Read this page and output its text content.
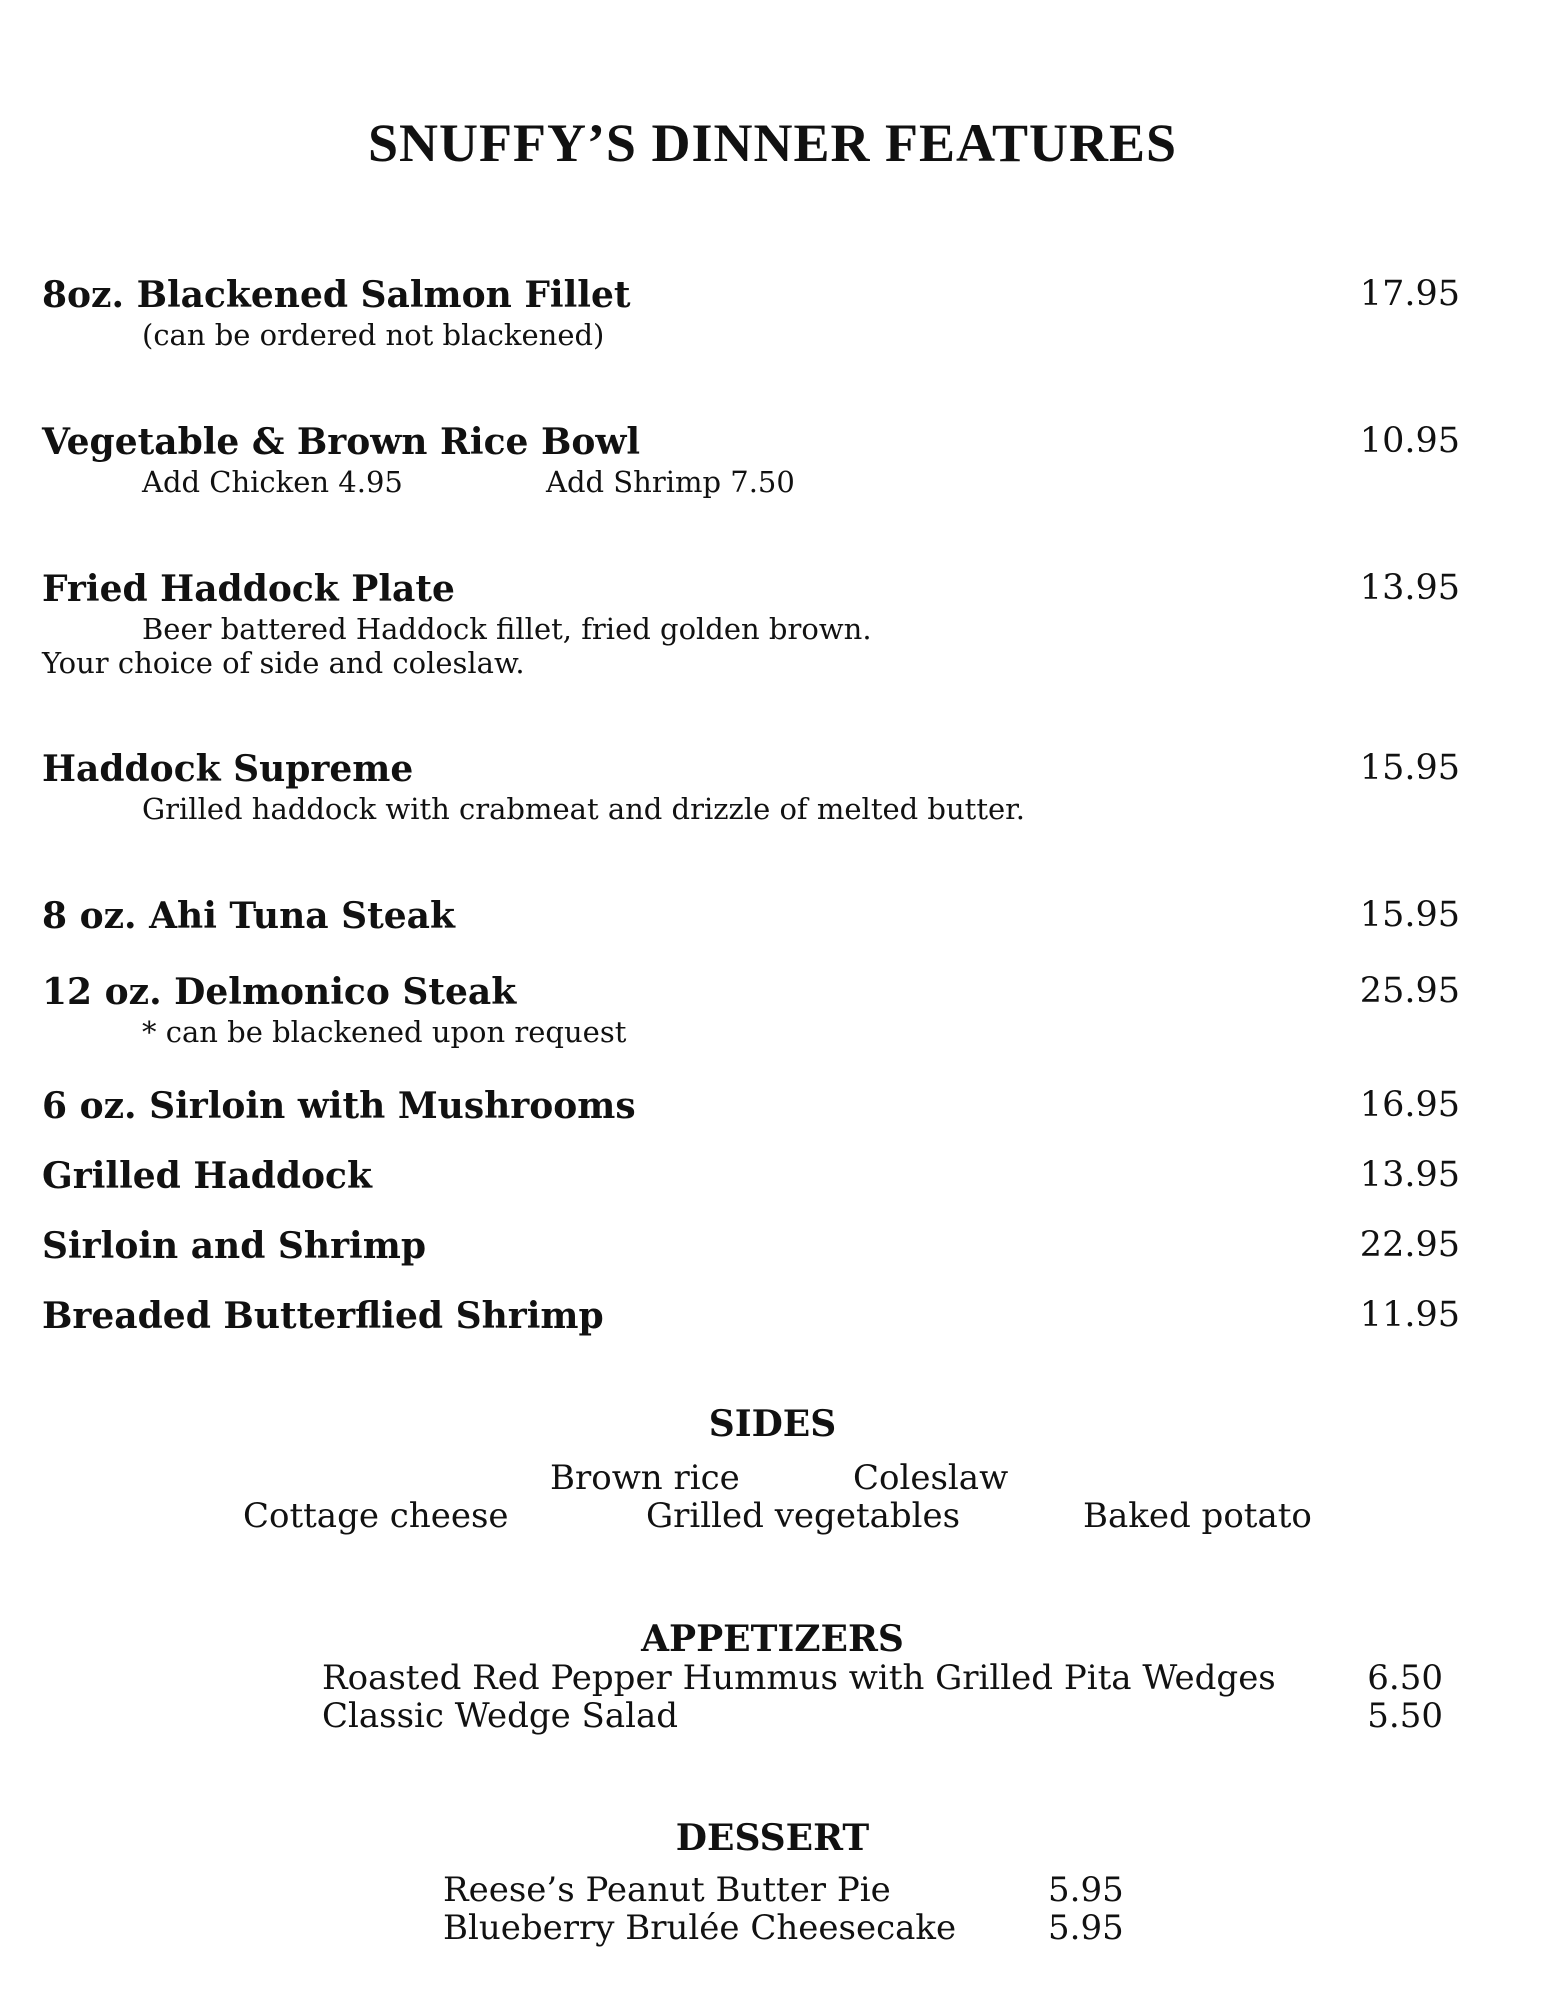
SNUFFY’S DINNER FEATURES
8oz. Blackened Salmon Fillet	17.95
(can be ordered not blackened)
Vegetable & Brown Rice Bowl	10.95
Add Chicken 4.95	Add Shrimp 7.50
Fried Haddock Plate	13.95
Beer battered Haddock fillet, fried golden brown.
Your choice of side and coleslaw.
Haddock Supreme	15.95
Grilled haddock with crabmeat and drizzle of melted butter.
8 oz. Ahi Tuna Steak	15.95
12 oz. Delmonico Steak	25.95
* can be blackened upon request
6 oz. Sirloin with Mushrooms	16.95
Grilled Haddock	13.95
Sirloin and Shrimp	22.95
Breaded Butterflied Shrimp	11.95
SIDES
Brown rice	Coleslaw
Cottage cheese	Grilled vegetables	Baked potato
APPETIZERS
Roasted Red Pepper Hummus with Grilled Pita Wedges	6.50
Classic Wedge Salad	5.50
DESSERT
Reese’s Peanut Butter Pie	5.95
Blueberry Brulée Cheesecake	5.95
